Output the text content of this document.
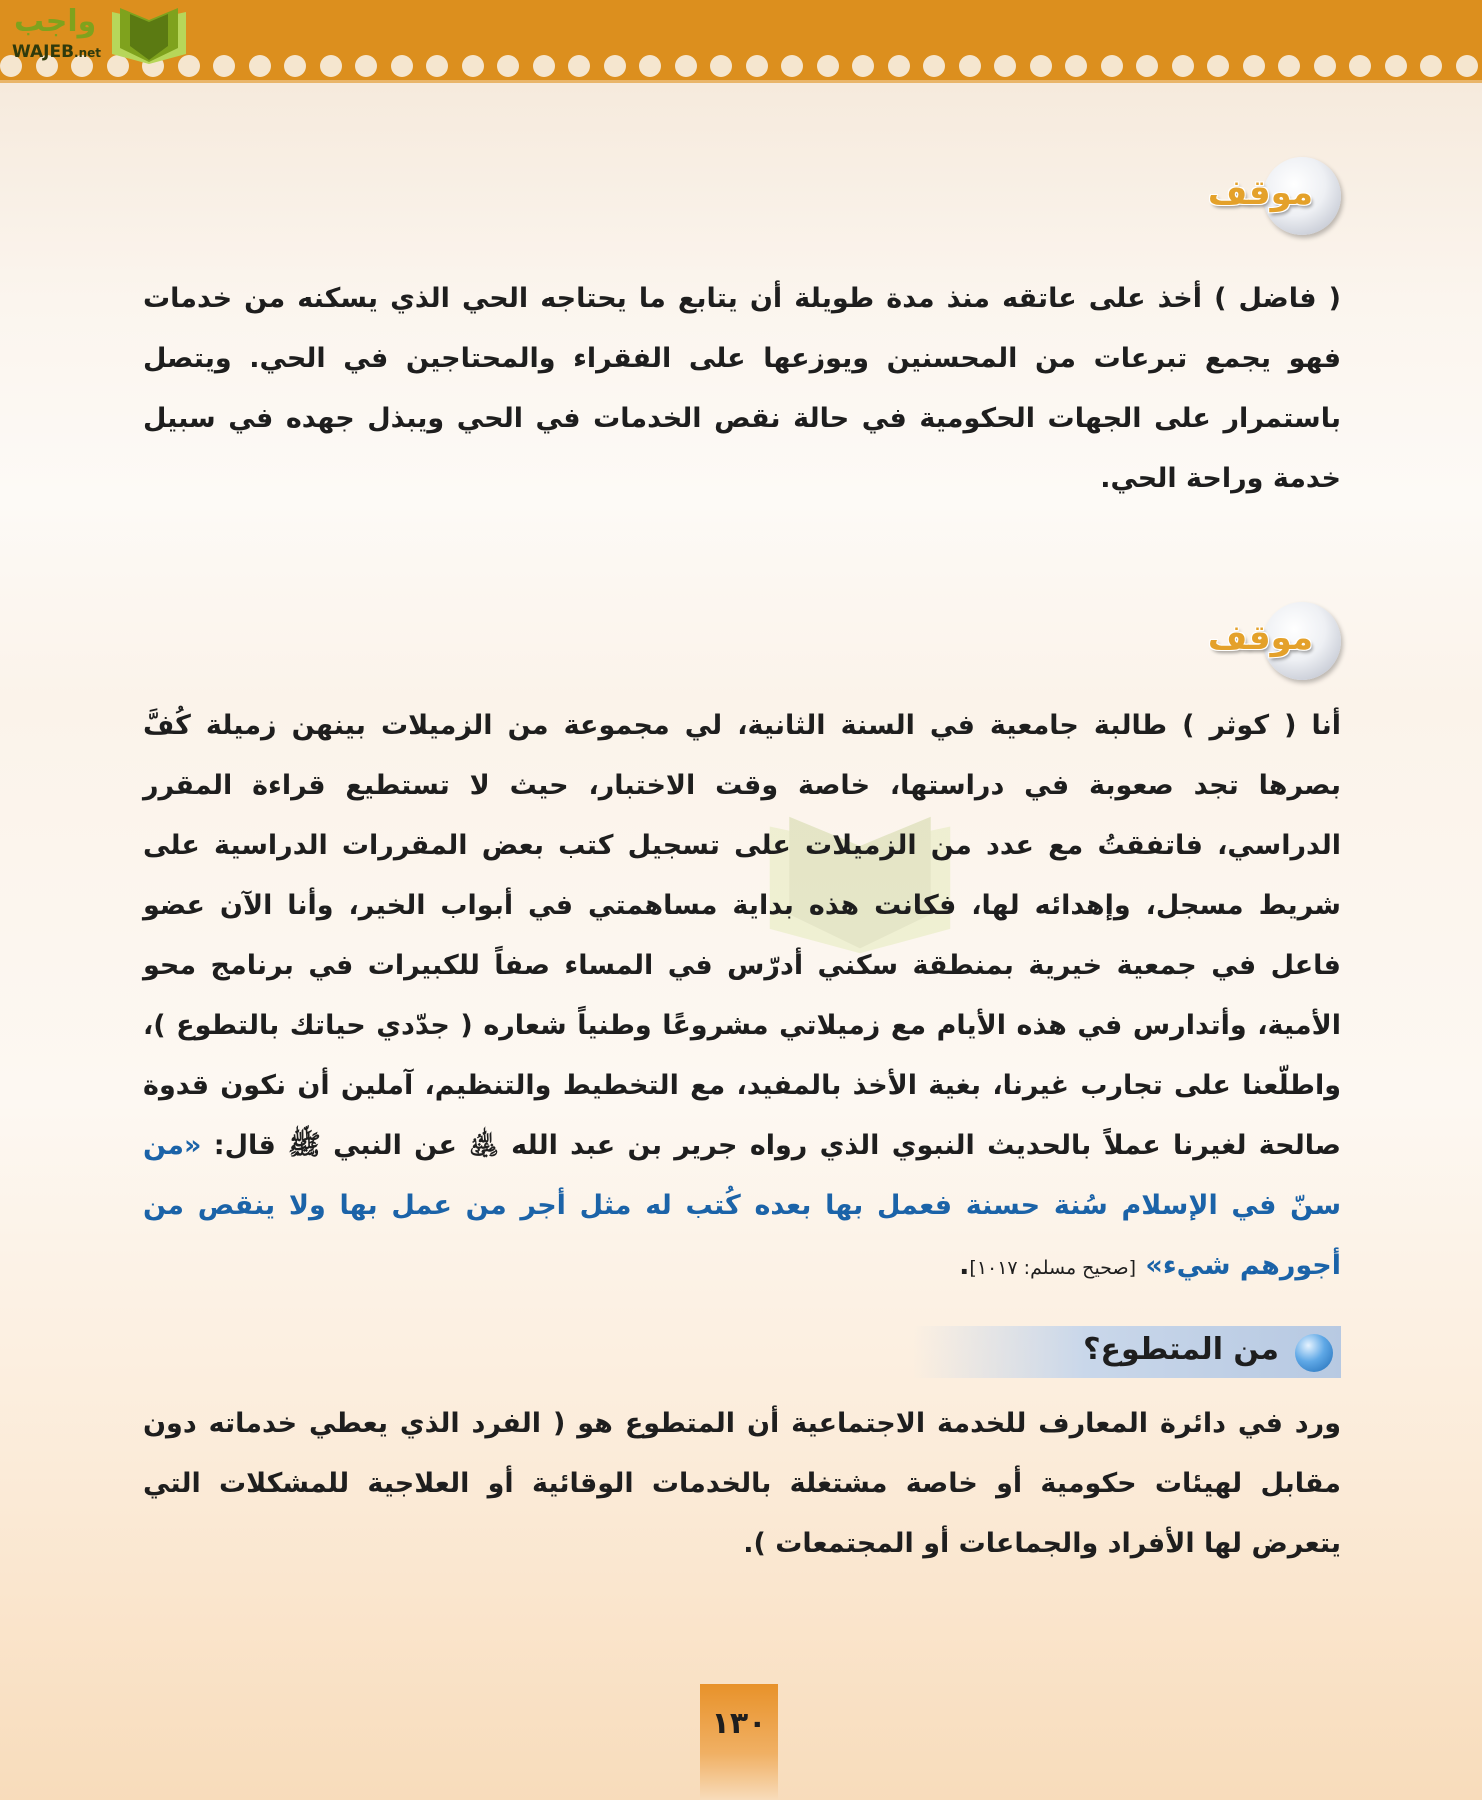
واجب
WAJEB.net
موقف

( فاضل ) أخذ على عاتقه منذ مدة طويلة أن يتابع ما يحتاجه الحي الذي يسكنه من خدمات فهو يجمع تبرعات من المحسنين ويوزعها على الفقراء والمحتاجين في الحي. ويتصل باستمرار على الجهات الحكومية في حالة نقص الخدمات في الحي ويبذل جهده في سبيل خدمة وراحة الحي.

موقف

أنا ( كوثر ) طالبة جامعية في السنة الثانية، لي مجموعة من الزميلات بينهن زميلة كُفَّ بصرها تجد صعوبة في دراستها، خاصة وقت الاختبار، حيث لا تستطيع قراءة المقرر الدراسي، فاتفقتُ مع عدد من الزميلات على تسجيل كتب بعض المقررات الدراسية على شريط مسجل، وإهدائه لها، فكانت هذه بداية مساهمتي في أبواب الخير، وأنا الآن عضو فاعل في جمعية خيرية بمنطقة سكني أدرّس في المساء صفاً للكبيرات في برنامج محو الأمية، وأتدارس في هذه الأيام مع زميلاتي مشروعًا وطنياً شعاره ( جدّدي حياتك بالتطوع )، واطلّعنا على تجارب غيرنا، بغية الأخذ بالمفيد، مع التخطيط والتنظيم، آملين أن نكون قدوة صالحة لغيرنا عملاً بالحديث النبوي الذي رواه جرير بن عبد الله ﵁ عن النبي ﷺ قال: «من سنّ في الإسلام سُنة حسنة فعمل بها بعده كُتب له مثل أجر من عمل بها ولا ينقص من أجورهم شيء» [صحيح مسلم: ١٠١٧].

من المتطوع؟

ورد في دائرة المعارف للخدمة الاجتماعية أن المتطوع هو ( الفرد الذي يعطي خدماته دون مقابل لهيئات حكومية أو خاصة مشتغلة بالخدمات الوقائية أو العلاجية للمشكلات التي يتعرض لها الأفراد والجماعات أو المجتمعات ).

١٣٠
